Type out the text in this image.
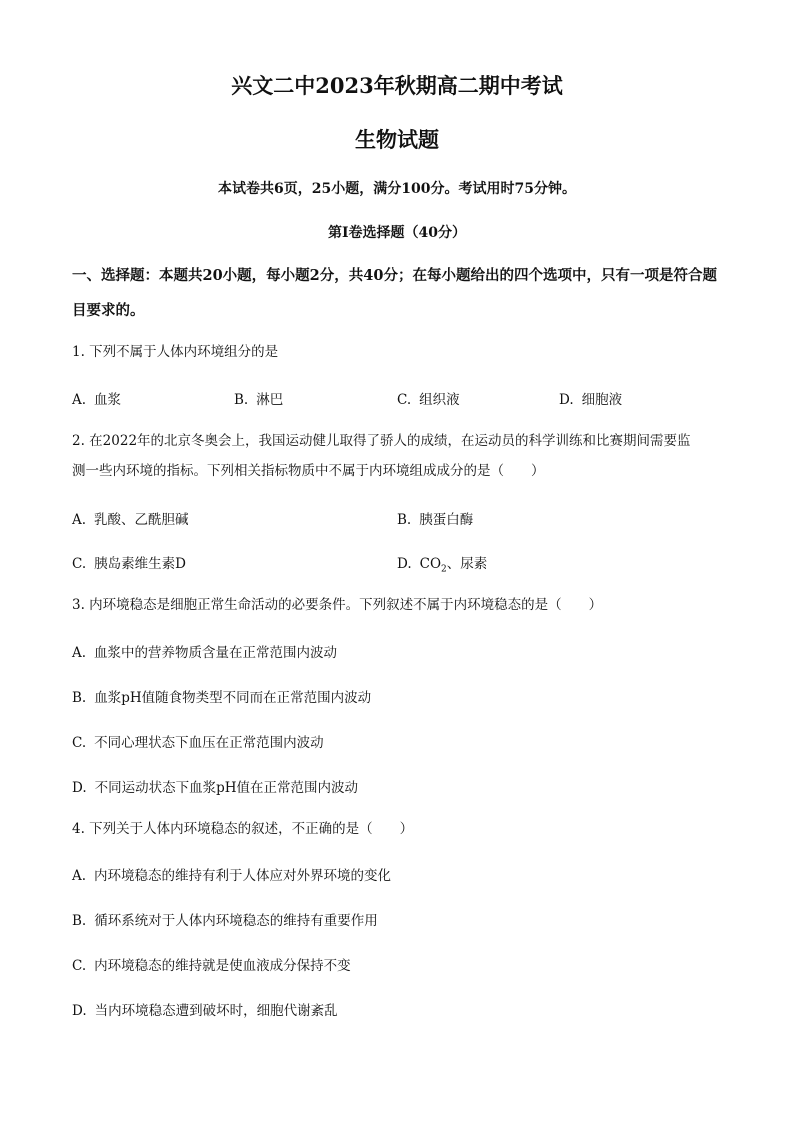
兴文二中2023年秋期高二期中考试
生物试题
本试卷共6页，25小题，满分100分。考试用时75分钟。
第I卷选择题（40分）
一、选择题：本题共20小题，每小题2分，共40分；在每小题给出的四个选项中，只有一项是符合题目要求的。
1. 下列不属于人体内环境组分的是
A. 血浆	B. 淋巴	C. 组织液	D. 细胞液
2. 在2022年的北京冬奥会上，我国运动健儿取得了骄人的成绩，在运动员的科学训练和比赛期间需要监
测一些内环境的指标。下列相关指标物质中不属于内环境组成成分的是（　　）
A. 乳酸、乙酰胆碱	B. 胰蛋白酶
C. 胰岛素维生素D	D. $CO_2$、尿素
3. 内环境稳态是细胞正常生命活动的必要条件。下列叙述不属于内环境稳态的是（　　）
A. 血浆中的营养物质含量在正常范围内波动
B. 血浆pH值随食物类型不同而在正常范围内波动
C. 不同心理状态下血压在正常范围内波动
D. 不同运动状态下血浆pH值在正常范围内波动
4. 下列关于人体内环境稳态的叙述，不正确的是（　　）
A. 内环境稳态的维持有利于人体应对外界环境的变化
B. 循环系统对于人体内环境稳态的维持有重要作用
C. 内环境稳态的维持就是使血液成分保持不变
D. 当内环境稳态遭到破坏时，细胞代谢紊乱
